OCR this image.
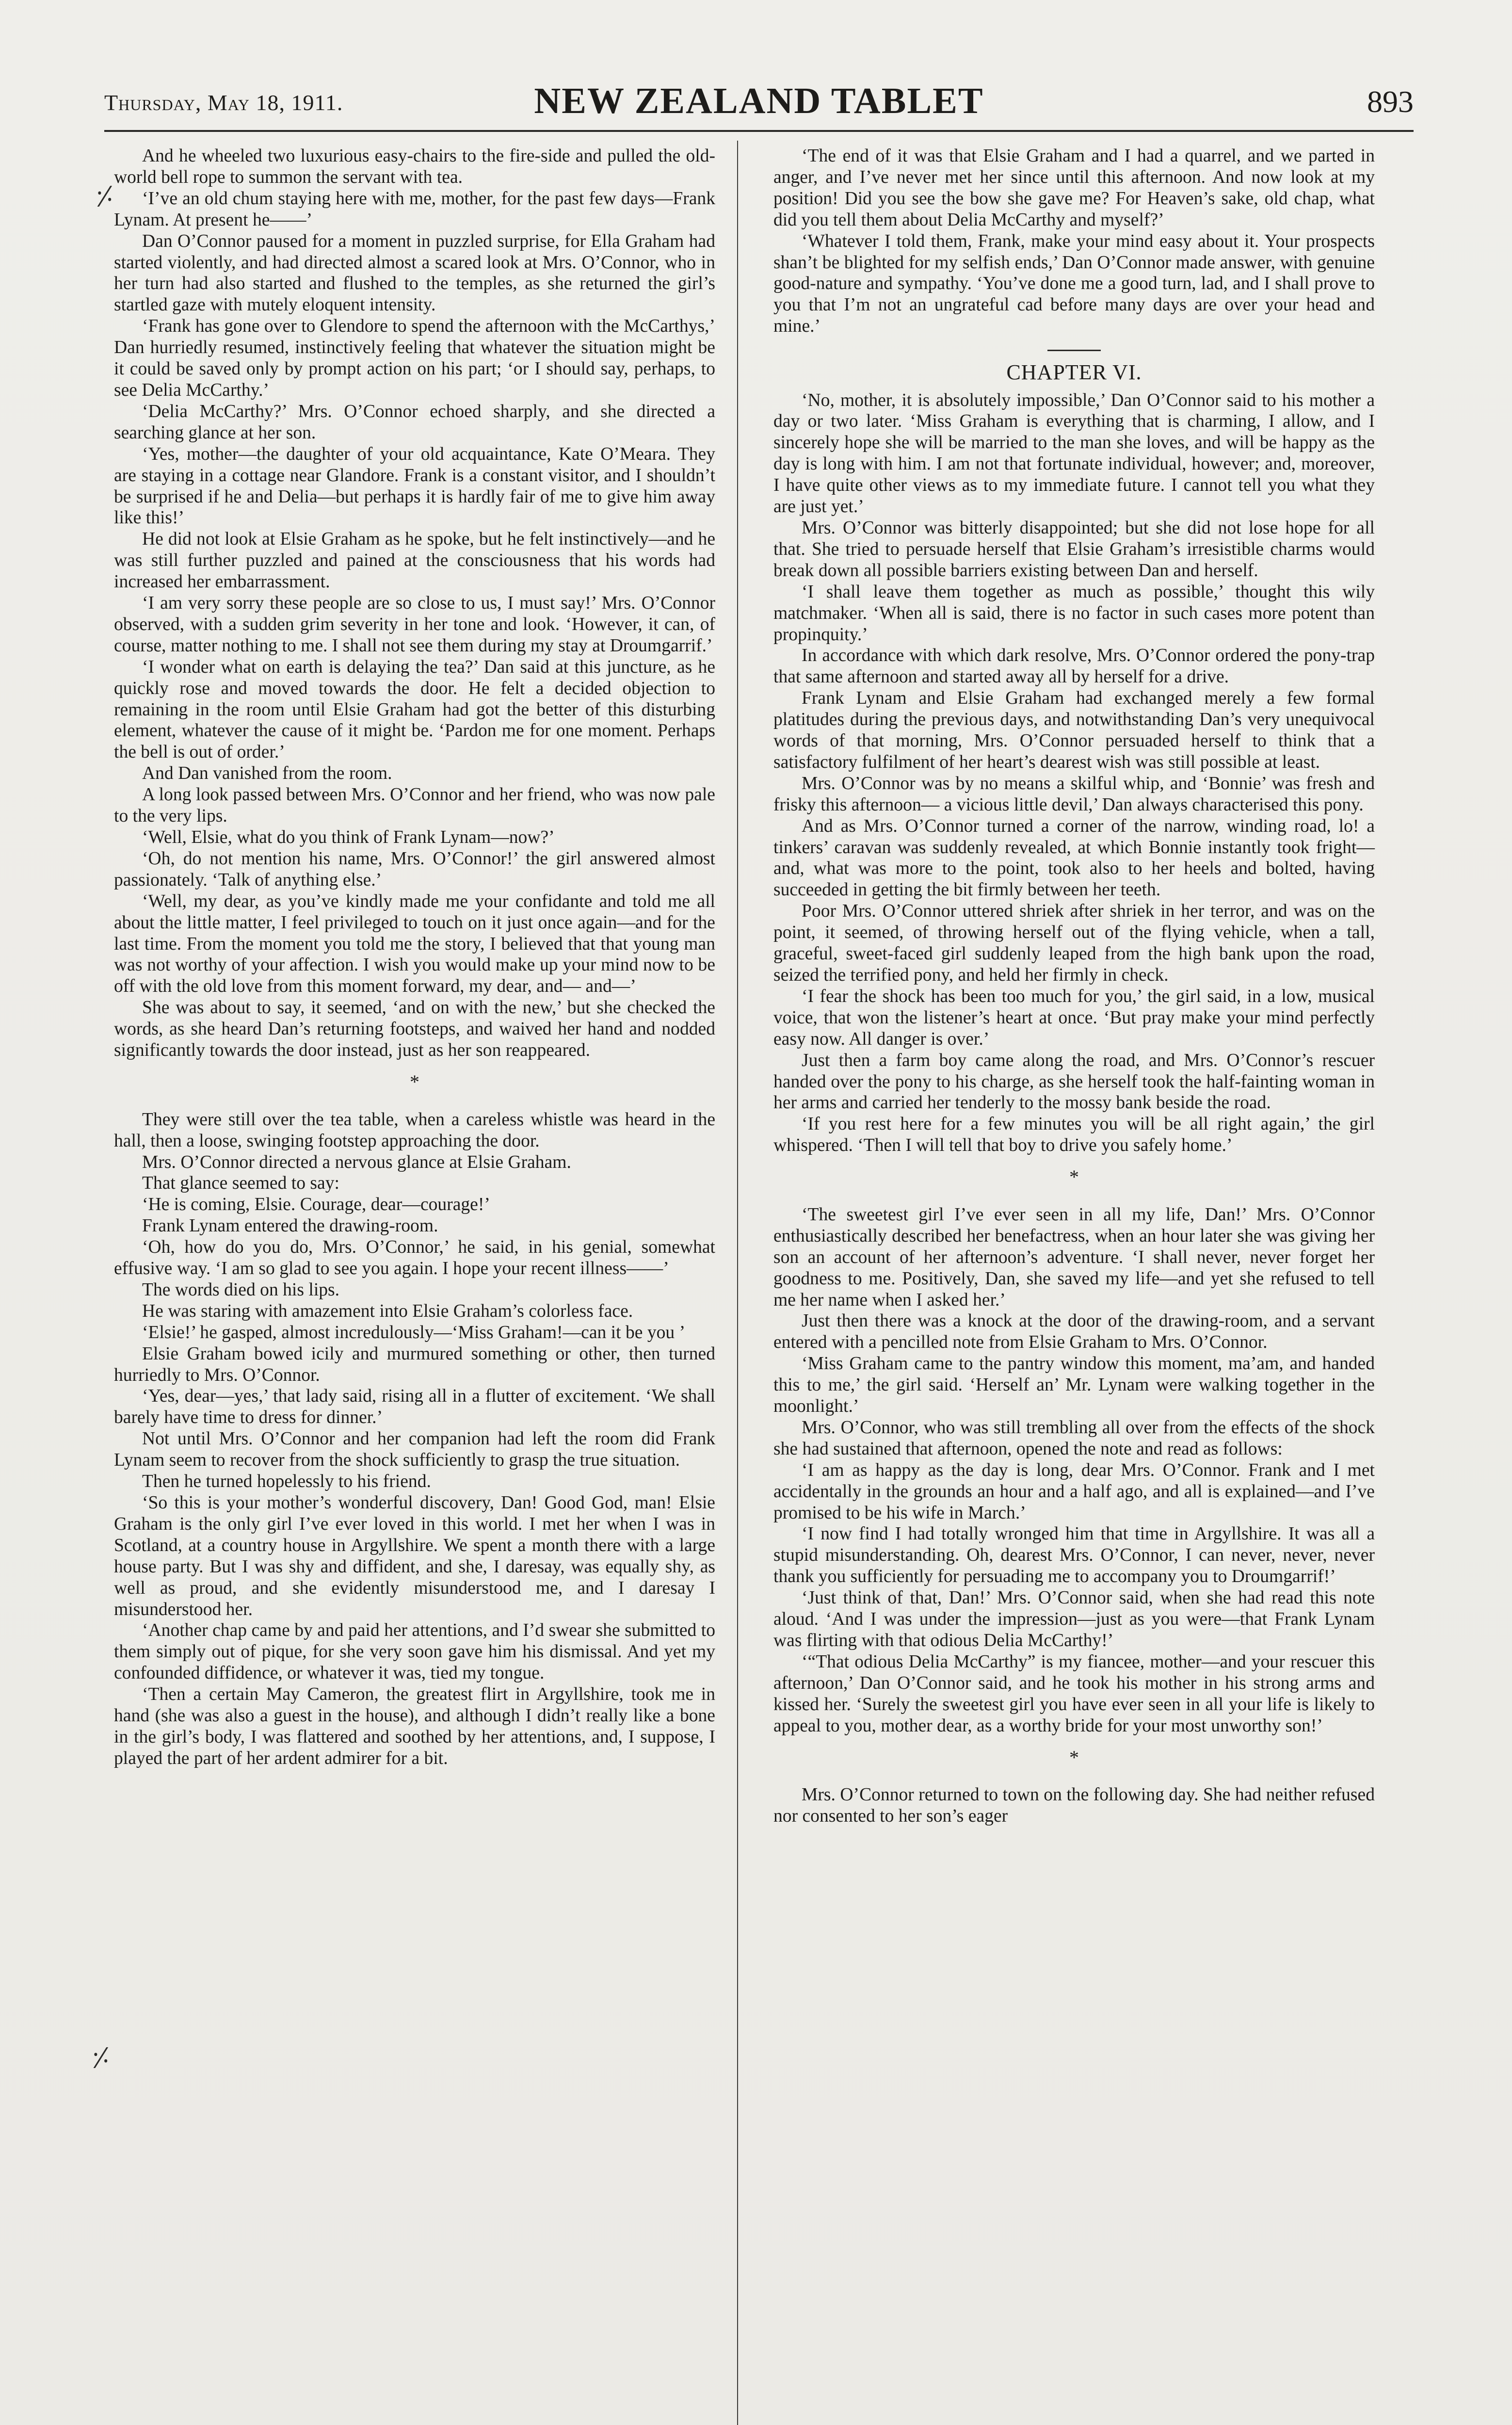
Thursday, May 18, 1911.	NEW ZEALAND TABLET	893
⸓
⸓

And he wheeled two luxurious easy-chairs to the fire-side and pulled the old-world bell rope to summon the servant with tea.

‘I’ve an old chum staying here with me, mother, for the past few days—Frank Lynam. At present he——’

Dan O’Connor paused for a moment in puzzled surprise, for Ella Graham had started violently, and had directed almost a scared look at Mrs. O’Connor, who in her turn had also started and flushed to the temples, as she returned the girl’s startled gaze with mutely eloquent intensity.

‘Frank has gone over to Glendore to spend the afternoon with the McCarthys,’ Dan hurriedly resumed, instinctively feeling that whatever the situation might be it could be saved only by prompt action on his part; ‘or I should say, perhaps, to see Delia McCarthy.’

‘Delia McCarthy?’ Mrs. O’Connor echoed sharply, and she directed a searching glance at her son.

‘Yes, mother—the daughter of your old acquaintance, Kate O’Meara. They are staying in a cottage near Glandore. Frank is a constant visitor, and I shouldn’t be surprised if he and Delia—but perhaps it is hardly fair of me to give him away like this!’

He did not look at Elsie Graham as he spoke, but he felt instinctively—and he was still further puzzled and pained at the consciousness that his words had increased her embarrassment.

‘I am very sorry these people are so close to us, I must say!’ Mrs. O’Connor observed, with a sudden grim severity in her tone and look. ‘However, it can, of course, matter nothing to me. I shall not see them during my stay at Droumgarrif.’

‘I wonder what on earth is delaying the tea?’ Dan said at this juncture, as he quickly rose and moved towards the door. He felt a decided objection to remaining in the room until Elsie Graham had got the better of this disturbing element, whatever the cause of it might be. ‘Pardon me for one moment. Perhaps the bell is out of order.’

And Dan vanished from the room.

A long look passed between Mrs. O’Connor and her friend, who was now pale to the very lips.

‘Well, Elsie, what do you think of Frank Lynam—now?’

‘Oh, do not mention his name, Mrs. O’Connor!’ the girl answered almost passionately. ‘Talk of anything else.’

‘Well, my dear, as you’ve kindly made me your confidante and told me all about the little matter, I feel privileged to touch on it just once again—and for the last time. From the moment you told me the story, I believed that that young man was not worthy of your affection. I wish you would make up your mind now to be off with the old love from this moment forward, my dear, and— and—’

She was about to say, it seemed, ‘and on with the new,’ but she checked the words, as she heard Dan’s returning footsteps, and waived her hand and nodded significantly towards the door instead, just as her son reappeared.

*

They were still over the tea table, when a careless whistle was heard in the hall, then a loose, swinging footstep approaching the door.

Mrs. O’Connor directed a nervous glance at Elsie Graham.

That glance seemed to say:

‘He is coming, Elsie. Courage, dear—courage!’

Frank Lynam entered the drawing-room.

‘Oh, how do you do, Mrs. O’Connor,’ he said, in his genial, somewhat effusive way. ‘I am so glad to see you again. I hope your recent illness——’

The words died on his lips.

He was staring with amazement into Elsie Graham’s colorless face.

‘Elsie!’ he gasped, almost incredulously—‘Miss Graham!—can it be you ’

Elsie Graham bowed icily and murmured something or other, then turned hurriedly to Mrs. O’Connor.

‘Yes, dear—yes,’ that lady said, rising all in a flutter of excitement. ‘We shall barely have time to dress for dinner.’

Not until Mrs. O’Connor and her companion had left the room did Frank Lynam seem to recover from the shock sufficiently to grasp the true situation.

Then he turned hopelessly to his friend.

‘So this is your mother’s wonderful discovery, Dan! Good God, man! Elsie Graham is the only girl I’ve ever loved in this world. I met her when I was in Scotland, at a country house in Argyllshire. We spent a month there with a large house party. But I was shy and diffident, and she, I daresay, was equally shy, as well as proud, and she evidently misunderstood me, and I daresay I misunderstood her.

‘Another chap came by and paid her attentions, and I’d swear she submitted to them simply out of pique, for she very soon gave him his dismissal. And yet my confounded diffidence, or whatever it was, tied my tongue.

‘Then a certain May Cameron, the greatest flirt in Argyllshire, took me in hand (she was also a guest in the house), and although I didn’t really like a bone in the girl’s body, I was flattered and soothed by her attentions, and, I suppose, I played the part of her ardent admirer for a bit.

‘The end of it was that Elsie Graham and I had a quarrel, and we parted in anger, and I’ve never met her since until this afternoon. And now look at my position! Did you see the bow she gave me? For Heaven’s sake, old chap, what did you tell them about Delia McCarthy and myself?’

‘Whatever I told them, Frank, make your mind easy about it. Your prospects shan’t be blighted for my selfish ends,’ Dan O’Connor made answer, with genuine good-nature and sympathy. ‘You’ve done me a good turn, lad, and I shall prove to you that I’m not an ungrateful cad before many days are over your head and mine.’

CHAPTER VI.

‘No, mother, it is absolutely impossible,’ Dan O’Connor said to his mother a day or two later. ‘Miss Graham is everything that is charming, I allow, and I sincerely hope she will be married to the man she loves, and will be happy as the day is long with him. I am not that fortunate individual, however; and, moreover, I have quite other views as to my immediate future. I cannot tell you what they are just yet.’

Mrs. O’Connor was bitterly disappointed; but she did not lose hope for all that. She tried to persuade herself that Elsie Graham’s irresistible charms would break down all possible barriers existing between Dan and herself.

‘I shall leave them together as much as possible,’ thought this wily matchmaker. ‘When all is said, there is no factor in such cases more potent than propinquity.’

In accordance with which dark resolve, Mrs. O’Connor ordered the pony-trap that same afternoon and started away all by herself for a drive.

Frank Lynam and Elsie Graham had exchanged merely a few formal platitudes during the previous days, and notwithstanding Dan’s very unequivocal words of that morning, Mrs. O’Connor persuaded herself to think that a satisfactory fulfilment of her heart’s dearest wish was still possible at least.

Mrs. O’Connor was by no means a skilful whip, and ‘Bonnie’ was fresh and frisky this afternoon— a vicious little devil,’ Dan always characterised this pony.

And as Mrs. O’Connor turned a corner of the narrow, winding road, lo! a tinkers’ caravan was suddenly revealed, at which Bonnie instantly took fright—and, what was more to the point, took also to her heels and bolted, having succeeded in getting the bit firmly between her teeth.

Poor Mrs. O’Connor uttered shriek after shriek in her terror, and was on the point, it seemed, of throwing herself out of the flying vehicle, when a tall, graceful, sweet-faced girl suddenly leaped from the high bank upon the road, seized the terrified pony, and held her firmly in check.

‘I fear the shock has been too much for you,’ the girl said, in a low, musical voice, that won the listener’s heart at once. ‘But pray make your mind perfectly easy now. All danger is over.’

Just then a farm boy came along the road, and Mrs. O’Connor’s rescuer handed over the pony to his charge, as she herself took the half-fainting woman in her arms and carried her tenderly to the mossy bank beside the road.

‘If you rest here for a few minutes you will be all right again,’ the girl whispered. ‘Then I will tell that boy to drive you safely home.’

*

‘The sweetest girl I’ve ever seen in all my life, Dan!’ Mrs. O’Connor enthusiastically described her benefactress, when an hour later she was giving her son an account of her afternoon’s adventure. ‘I shall never, never forget her goodness to me. Positively, Dan, she saved my life—and yet she refused to tell me her name when I asked her.’

Just then there was a knock at the door of the drawing-room, and a servant entered with a pencilled note from Elsie Graham to Mrs. O’Connor.

‘Miss Graham came to the pantry window this moment, ma’am, and handed this to me,’ the girl said. ‘Herself an’ Mr. Lynam were walking together in the moonlight.’

Mrs. O’Connor, who was still trembling all over from the effects of the shock she had sustained that afternoon, opened the note and read as follows:

‘I am as happy as the day is long, dear Mrs. O’Connor. Frank and I met accidentally in the grounds an hour and a half ago, and all is explained—and I’ve promised to be his wife in March.’

‘I now find I had totally wronged him that time in Argyllshire. It was all a stupid misunderstanding. Oh, dearest Mrs. O’Connor, I can never, never, never thank you sufficiently for persuading me to accompany you to Droumgarrif!’

‘Just think of that, Dan!’ Mrs. O’Connor said, when she had read this note aloud. ‘And I was under the impression—just as you were—that Frank Lynam was flirting with that odious Delia McCarthy!’

‘“That odious Delia McCarthy” is my fiancee, mother—and your rescuer this afternoon,’ Dan O’Connor said, and he took his mother in his strong arms and kissed her. ‘Surely the sweetest girl you have ever seen in all your life is likely to appeal to you, mother dear, as a worthy bride for your most unworthy son!’

*

Mrs. O’Connor returned to town on the following day. She had neither refused nor consented to her son’s eager
